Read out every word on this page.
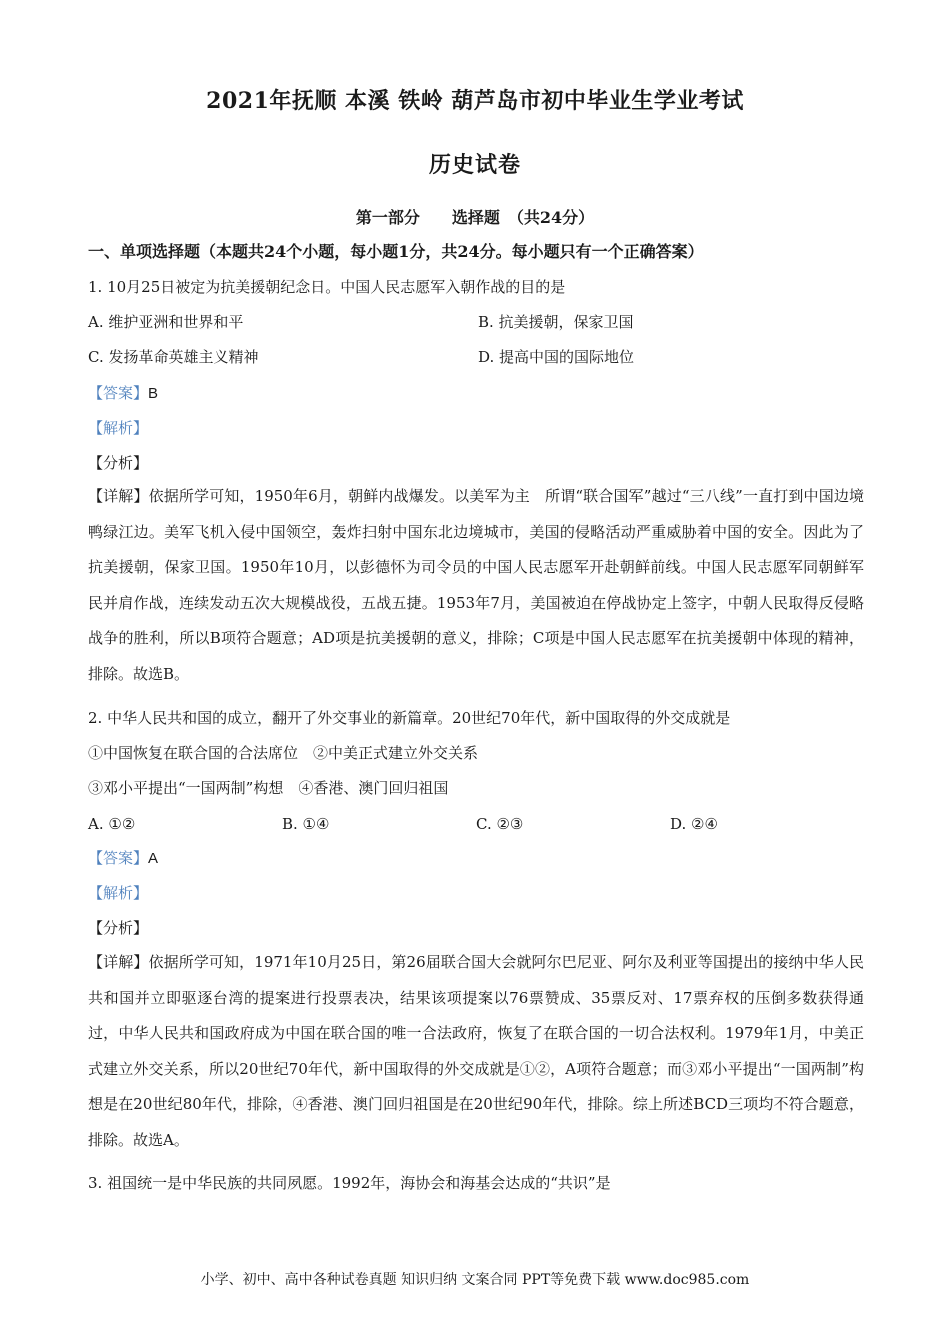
2021年抚顺 本溪 铁岭 葫芦岛市初中毕业生学业考试
历史试卷
第一部分　　选择题　（共24分）
一、单项选择题（本题共24个小题，每小题1分，共24分。每小题只有一个正确答案）
1. 10月25日被定为抗美援朝纪念日。中国人民志愿军入朝作战的目的是
A. 维护亚洲和世界和平	B. 抗美援朝，保家卫国
C. 发扬革命英雄主义精神	D. 提高中国的国际地位
【答案】B
【解析】
【分析】
【详解】依据所学可知，1950年6月，朝鲜内战爆发。以美军为主　所谓“联合国军”越过“三八线”一直打到中国边境鸭绿江边。美军飞机入侵中国领空，轰炸扫射中国东北边境城市，美国的侵略活动严重威胁着中国的安全。因此为了抗美援朝，保家卫国。1950年10月，以彭德怀为司令员的中国人民志愿军开赴朝鲜前线。中国人民志愿军同朝鲜军民并肩作战，连续发动五次大规模战役，五战五捷。1953年7月，美国被迫在停战协定上签字，中朝人民取得反侵略战争的胜利，所以B项符合题意；AD项是抗美援朝的意义，排除；C项是中国人民志愿军在抗美援朝中体现的精神，排除。故选B。
2. 中华人民共和国的成立，翻开了外交事业的新篇章。20世纪70年代，新中国取得的外交成就是
①中国恢复在联合国的合法席位　②中美正式建立外交关系
③邓小平提出“一国两制”构想　④香港、澳门回归祖国
A. ①②	B. ①④	C. ②③	D. ②④
【答案】A
【解析】
【分析】
【详解】依据所学可知，1971年10月25日，第26届联合国大会就阿尔巴尼亚、阿尔及利亚等国提出的接纳中华人民共和国并立即驱逐台湾的提案进行投票表决，结果该项提案以76票赞成、35票反对、17票弃权的压倒多数获得通过，中华人民共和国政府成为中国在联合国的唯一合法政府，恢复了在联合国的一切合法权利。1979年1月，中美正式建立外交关系，所以20世纪70年代，新中国取得的外交成就是①②，A项符合题意；而③邓小平提出“一国两制”构想是在20世纪80年代，排除，④香港、澳门回归祖国是在20世纪90年代，排除。综上所述BCD三项均不符合题意，排除。故选A。
3. 祖国统一是中华民族的共同夙愿。1992年，海协会和海基会达成的“共识”是
小学、初中、高中各种试卷真题 知识归纳 文案合同 PPT等免费下载 www.doc985.com
